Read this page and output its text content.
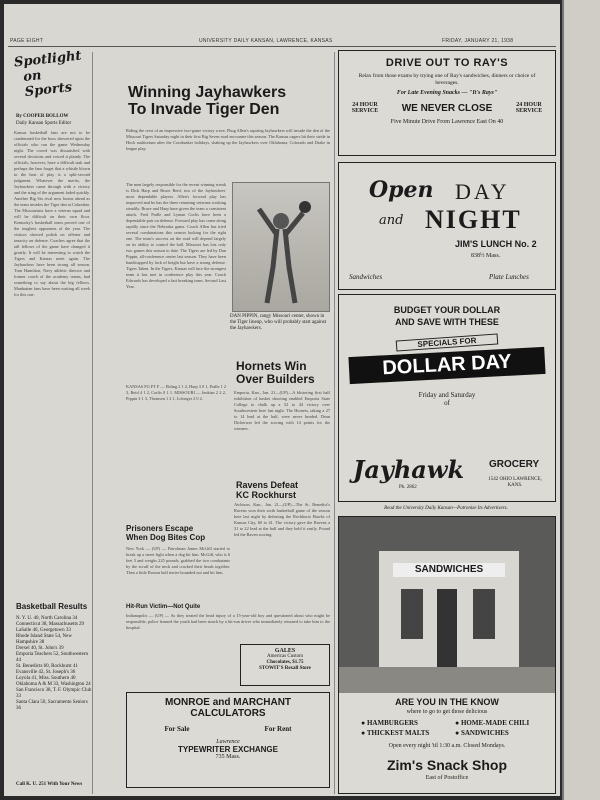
PAGE EIGHT	UNIVERSITY DAILY KANSAN, LAWRENCE, KANSAS	FRIDAY, JANUARY 21, 1938
Spotlight
on Sports
By COOPER BOLLOW
Daily Kansan Sports Editor
Kansas basketball fans are not to be condemned for the boos showered upon the officials who ran the game Wednesday night. The crowd was dissatisfied with several decisions and voiced it plainly. The officials, however, have a difficult task and perhaps the fans forget that a whistle blown in the heat of play is a split-second judgment. Whatever the merits, the Jayhawkers came through with a victory and the sting of the argument faded quickly. Another Big Six rival now looms ahead as the team invades the Tiger den at Columbia. The Missourians have a veteran squad and will be difficult on their own floor. Kentucky's basketball team proved one of the toughest opponents of the year. The visitors showed polish on offense and tenacity on defense. Coaches agree that the tall fellows of the game have changed it greatly. It will be interesting to watch the Tigers and Kansas meet again. The Jayhawkers have been strong all season. Turn Hamilton, Navy athletic director and former coach of the academy teams, had something to say about the big fellows. Manhattan fans have been waiting all week for this one.
Basketball Results
N. Y. U. 40, North Carolina 34
Connecticut 38, Massachusetts 29
LaSalle 46, Georgetown 33
Rhode Island State 54, New Hampshire 38
Drexel 40, St. John's 39
Emporia Teachers 52, Southwestern 44
St. Benedicts 60, Rockhurst 41
Evansville 42, St. Joseph's 36
Loyola 41, Miss. Southern 40
Oklahoma A & M 33, Washington 24
San Francisco 38, T. F. Olympic Club 33
Santa Clara 50, Sacramento Seniors 36
Call K. U. 251 With Your News
Winning Jayhawkers
To Invade Tiger Den
Riding the crest of an impressive two-game victory wave, Phog Allen's aspiring Jayhawkers will invade the den of the Missouri Tigers Saturday night in their first Big Seven road encounter this season. The Kansas cagers hit their stride in Hoch auditorium after the Cornhusker holidays, shaking up the Jayhawkers over Oklahoma, Colorado and Drake in league play.
The men largely responsible for the recent winning streak is Dick Harp and Bruce Reid, two of the Jayhawkers' most dependable players. Allen's forward play has improved and he has the three returning veterans working steadily. Bruce and Harp have given the team a consistent attack. Fred Pralle and Lyman Corlis have been a dependable pair on defense. Forward play has come along rapidly since the Nebraska game. Coach Allen has tried several combinations this season looking for the right one. The team's success on the road will depend largely on its ability to control the ball. Missouri has lost only two games this season to date. The Tigers are led by Dan Pippin, all-conference center last season. They have been handicapped by lack of height but have a strong defense. Tigers Taken. In the Tigers, Kansas will face the strongest team it has met in conference play this year. Coach Edwards has developed a fast breaking team. Second Last Year.
DAN PIPPIN, rangy Missouri center, shown in the Tiger lineup, who will probably start against the Jayhawkers.
KANSAS FG FT F — Ebling 2 1 2, Harp 3 0 1, Pralle 1 2 3, Reid 4 1 2, Corlis 0 1 1. MISSOURI — Jenkins 2 2 2, Pippin 3 1 3, Thomsen 1 2 1, Lobsiger 2 0 2.
Hornets Win
Over Builders
Emporia, Kan., Jan. 21—(UP)—A blistering first half exhibition of basket shooting enabled Emporia State College to chalk up a 52 to 44 victory over Southwestern here last night. The Hornets, taking a 27 to 14 lead at the half, were never headed. Dean Dickerson led the scoring with 14 points for the winners.
Ravens Defeat
KC Rockhurst
Atchison, Kan., Jan. 21—(UP)—The St. Benedict's Ravens won their sixth basketball game of the season here last night by defeating the Rockhurst Hawks of Kansas City, 60 to 41. The victory gave the Ravens a 31 to 22 lead at the half and they held it easily. Pound led the Raven scoring.
Prisoners Escape
When Dog Bites Cop
New York — (UP) — Patrolman James McGill started to break up a street fight when a dog bit him. McGill, who is 6 feet 3 and weighs 225 pounds, grabbed the two combatants by the scruff of the neck and cracked their heads together. Then a little Boston bull terrier bounded out and bit him.
Hit-Run Victim—Not Quite
Indianapolis — (UP) — As they treated the head injury of a 15-year-old boy and questioned about who might be responsible, police learned the youth had been struck by a hit-run driver who immediately returned to take him to the hospital.
GALES
Americas Custom
Chocolates, $1.75
STOWIT'S Rexall Store
MONROE and MARCHANT
CALCULATORS
For Sale	For Rent
Lawrence
TYPEWRITER EXCHANGE
735 Mass.
DRIVE OUT TO RAY'S
Relax from those exams by trying one of Ray's sandwiches, dinners or choice of beverages.
For Late Evening Snacks — "It's Rays"
24 HOUR SERVICE	WE NEVER CLOSE	24 HOUR SERVICE
Five Minute Drive From Lawrence East On 40
Open DAY
and NIGHT
JIM'S LUNCH No. 2
838½ Mass.
Sandwiches	Plate Lunches
BUDGET YOUR DOLLAR
AND SAVE WITH THESE
SPECIALS FOR
DOLLAR DAY
Friday and Saturday
of
Jayhawk GROCERY
Ph. 2862
1542 OHIO LAWRENCE, KANS.
Read the University Daily Kansan—Patronize Its Advertisers.
SANDWICHES
ARE YOU IN THE KNOW
where to go to get those delicious
● HAMBURGERS	● HOME-MADE CHILI
● THICKEST MALTS	● SANDWICHES
Open every night 'til 1:30 a.m. Closed Mondays.
Zim's Snack Shop
East of Postoffice
